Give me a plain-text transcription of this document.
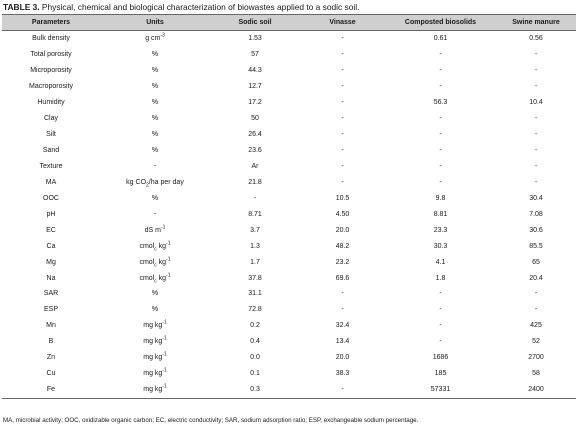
TABLE 3. Physical, chemical and biological characterization of biowastes applied to a sodic soil.
Parameters	Units	Sodic soil	Vinasse	Composted biosolids	Swine manure
Bulk density	g $cm^{-3}$	1.53	-	0.61	0.56
Total porosity	%	57	-	-	-
Microporosity	%	44.3	-	-	-
Macroporosity	%	12.7	-	-	-
Humidity	%	17.2	-	56.3	10.4
Clay	%	50	-	-	-
Silt	%	26.4	-	-	-
Sand	%	23.6	-	-	-
Texture	-	Ar	-	-	-
MA	kg $CO_2/ha$ per day	21.8	-	-	-
OOC	%	-	10.5	9.8	30.4
pH	-	8.71	4.50	8.81	7.08
EC	dS $m^{-1}$	3.7	20.0	23.3	30.6
Ca	cmol$_c$ $kg^{-1}$	1.3	48.2	30.3	85.5
Mg	cmol$_c$ $kg^{-1}$	1.7	23.2	4.1	65
Na	cmol$_c$ $kg^{-1}$	37.8	69.6	1.8	20.4
SAR	%	31.1	-	-	-
ESP	%	72.8	-	-	-
Mn	mg $kg^{-1}$	0.2	32.4	-	425
B	mg $kg^{-1}$	0.4	13.4	-	52
Zn	mg $kg^{-1}$	0.0	20.0	1686	2700
Cu	mg $kg^{-1}$	0.1	38.3	185	58
Fe	mg $kg^{-1}$	0.3	-	57331	2400
MA, microbial activity; OOC, oxidizable organic carbon; EC, electric conductivity; SAR, sodium adsorption ratio; ESP, exchangeable sodium percentage.
